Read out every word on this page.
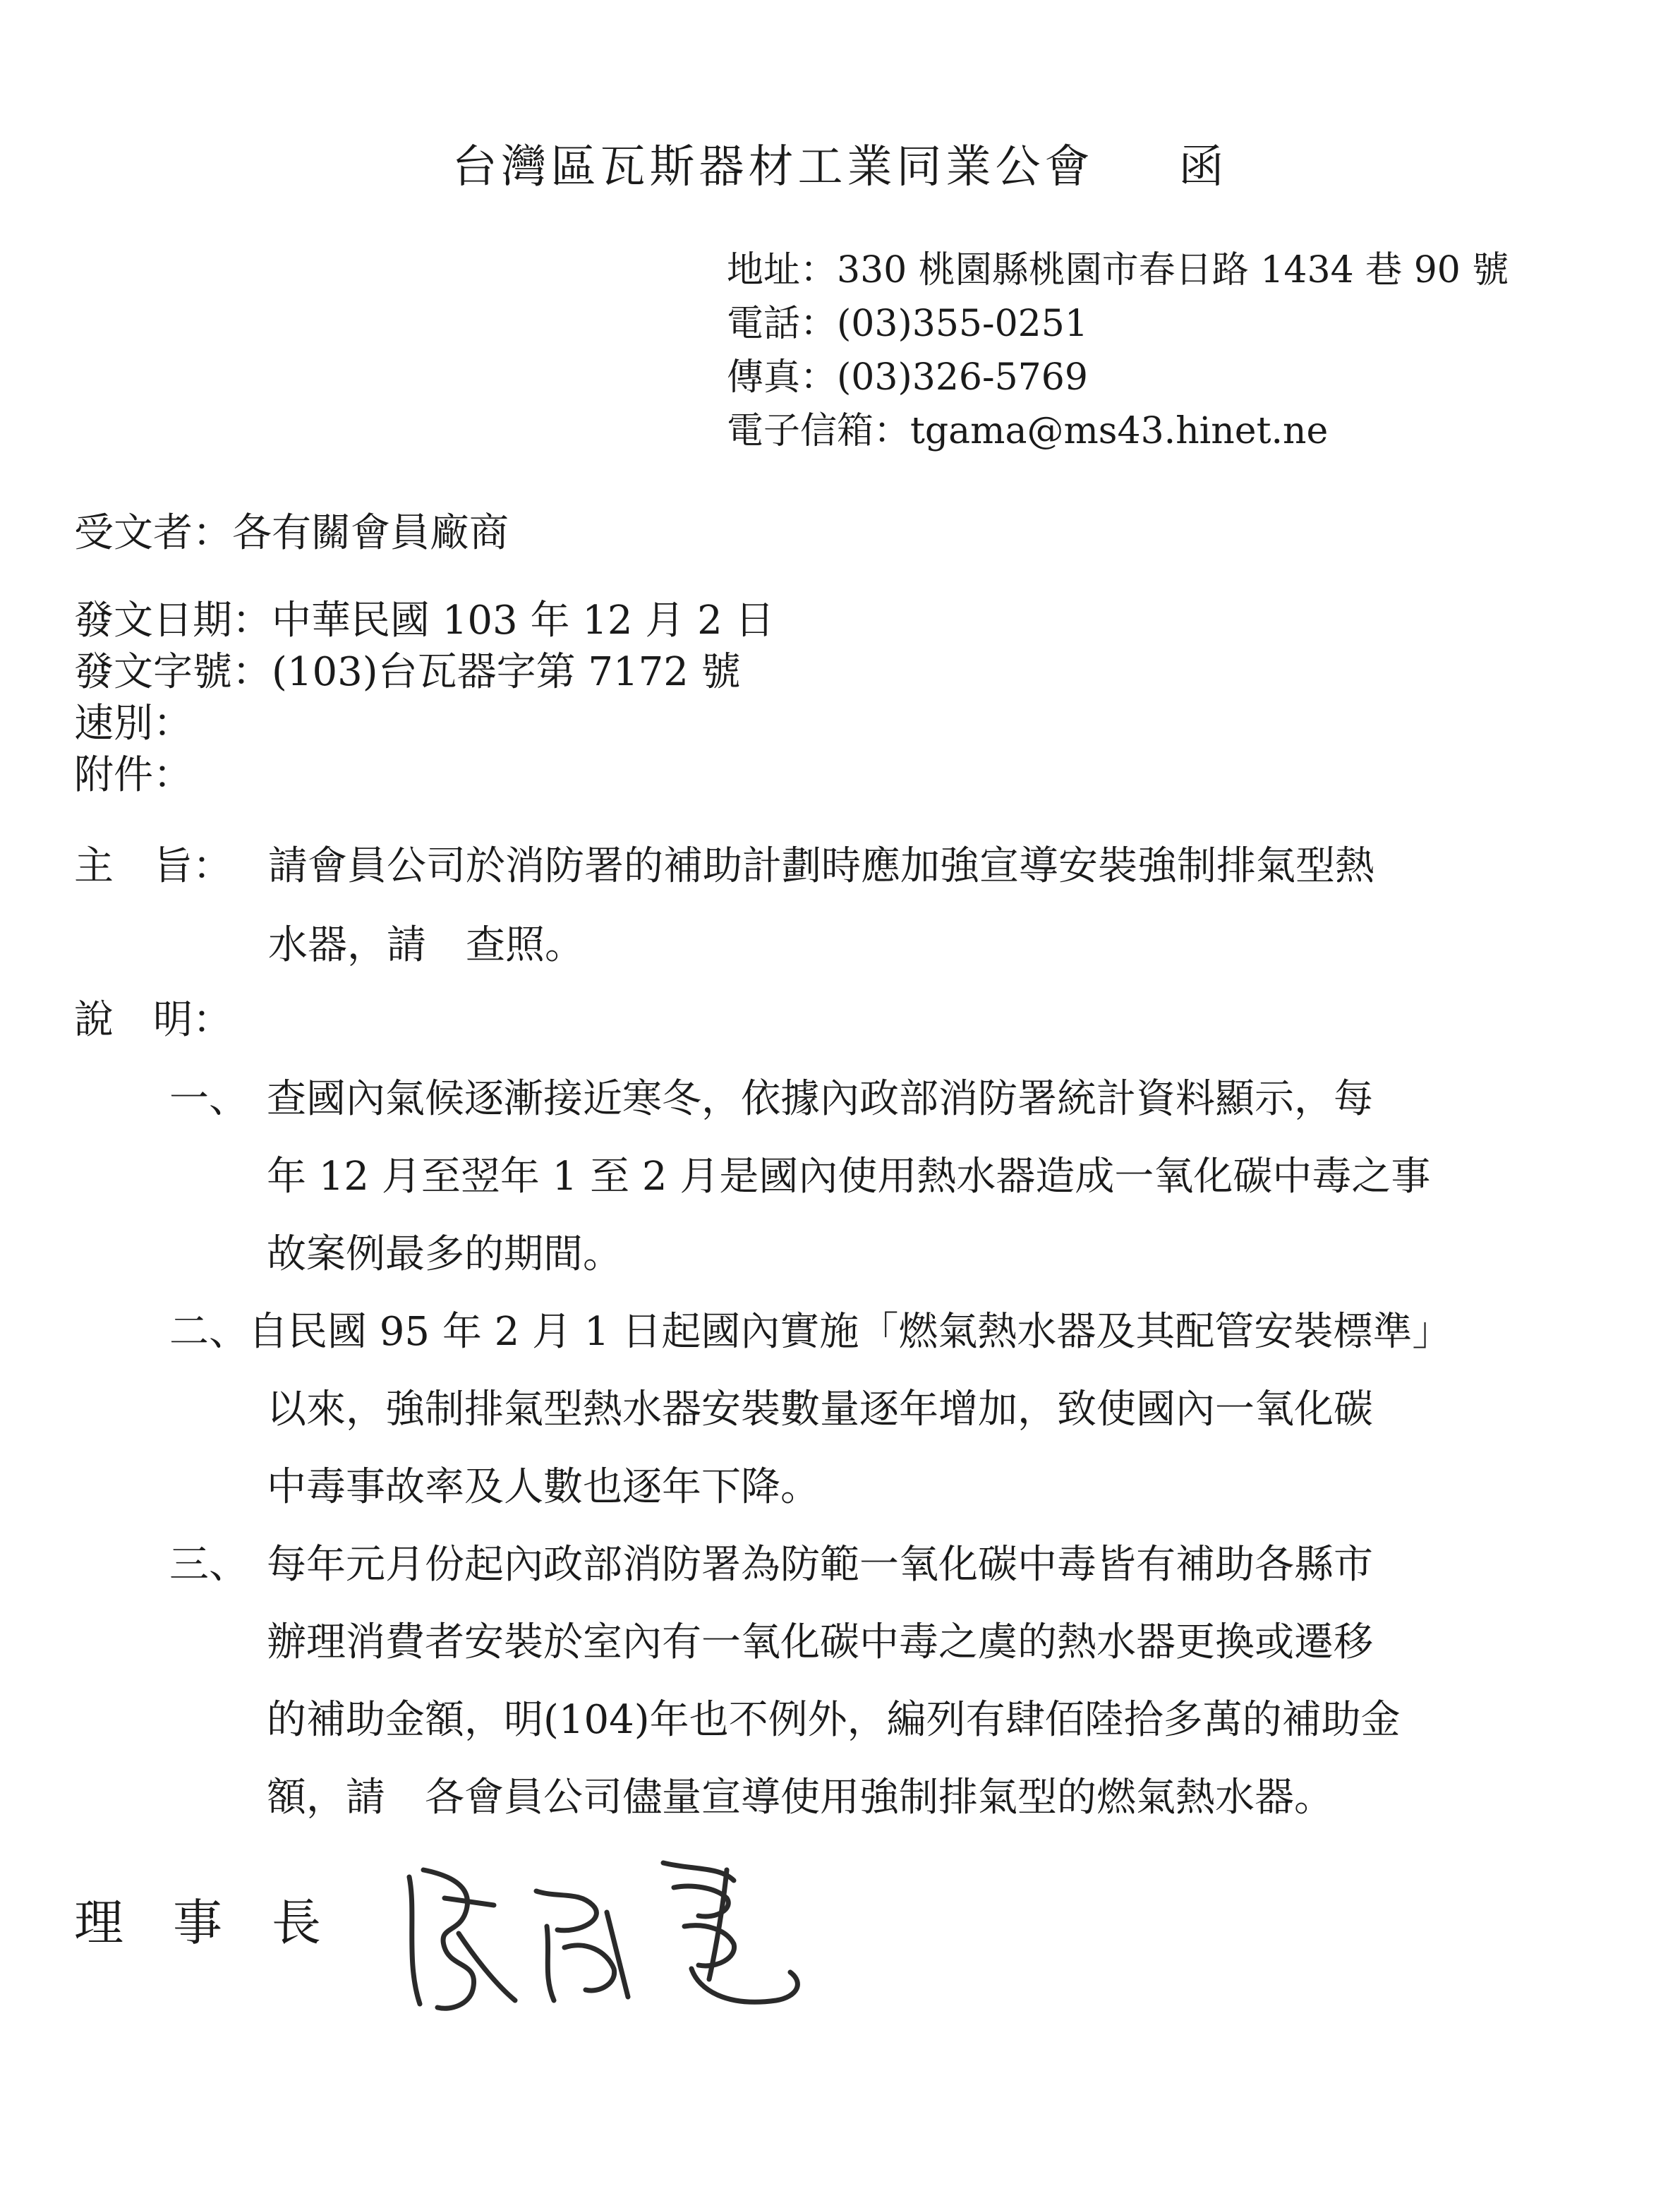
台灣區瓦斯器材工業同業公會 函
地址：330 桃園縣桃園市春日路 1434 巷 90 號
電話：(03)355-0251
傳真：(03)326-5769
電子信箱：tgama@ms43.hinet.ne
受文者：各有關會員廠商
發文日期：中華民國 103 年 12 月 2 日
發文字號：(103)台瓦器字第 7172 號
速別：
附件：
主　旨： 請會員公司於消防署的補助計劃時應加強宣導安裝強制排氣型熱
水器，請　查照。
說　明：
一、 查國內氣候逐漸接近寒冬，依據內政部消防署統計資料顯示，每
年 12 月至翌年 1 至 2 月是國內使用熱水器造成一氧化碳中毒之事
故案例最多的期間。
二、 自民國 95 年 2 月 1 日起國內實施「燃氣熱水器及其配管安裝標準」
以來，強制排氣型熱水器安裝數量逐年增加，致使國內一氧化碳
中毒事故率及人數也逐年下降。
三、 每年元月份起內政部消防署為防範一氧化碳中毒皆有補助各縣市
辦理消費者安裝於室內有一氧化碳中毒之虞的熱水器更換或遷移
的補助金額，明(104)年也不例外，編列有肆佰陸拾多萬的補助金
額，請　各會員公司儘量宣導使用強制排氣型的燃氣熱水器。
理　事　長
